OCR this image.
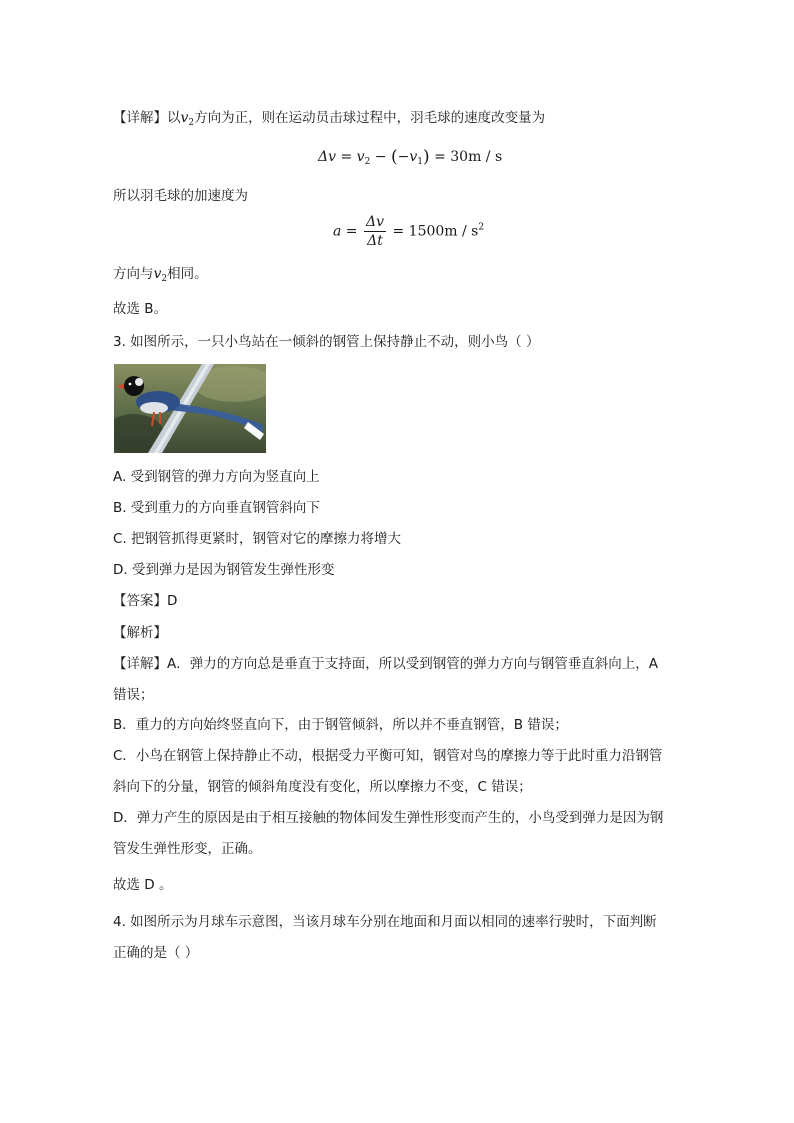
【详解】以$v_2$方向为正，则在运动员击球过程中，羽毛球的速度改变量为
$\Delta v = v_2 - (-v_1) = 30m / s$
所以羽毛球的加速度为
$a = \frac{\Delta v}{\Delta t} = 1500m / s^2$
方向与$v_2$相同。
故选 B。
3. 如图所示，一只小鸟站在一倾斜的钢管上保持静止不动，则小鸟（ ）
A. 受到钢管的弹力方向为竖直向上
B. 受到重力的方向垂直钢管斜向下
C. 把钢管抓得更紧时，钢管对它的摩擦力将增大
D. 受到弹力是因为钢管发生弹性形变
【答案】D
【解析】
【详解】A．弹力的方向总是垂直于支持面，所以受到钢管的弹力方向与钢管垂直斜向上，A
错误；
B．重力的方向始终竖直向下，由于钢管倾斜，所以并不垂直钢管，B 错误；
C．小鸟在钢管上保持静止不动，根据受力平衡可知，钢管对鸟的摩擦力等于此时重力沿钢管
斜向下的分量，钢管的倾斜角度没有变化，所以摩擦力不变，C 错误；
D．弹力产生的原因是由于相互接触的物体间发生弹性形变而产生的，小鸟受到弹力是因为钢
管发生弹性形变，正确。
故选 D 。
4. 如图所示为月球车示意图，当该月球车分别在地面和月面以相同的速率行驶时，下面判断
正确的是（ ）
